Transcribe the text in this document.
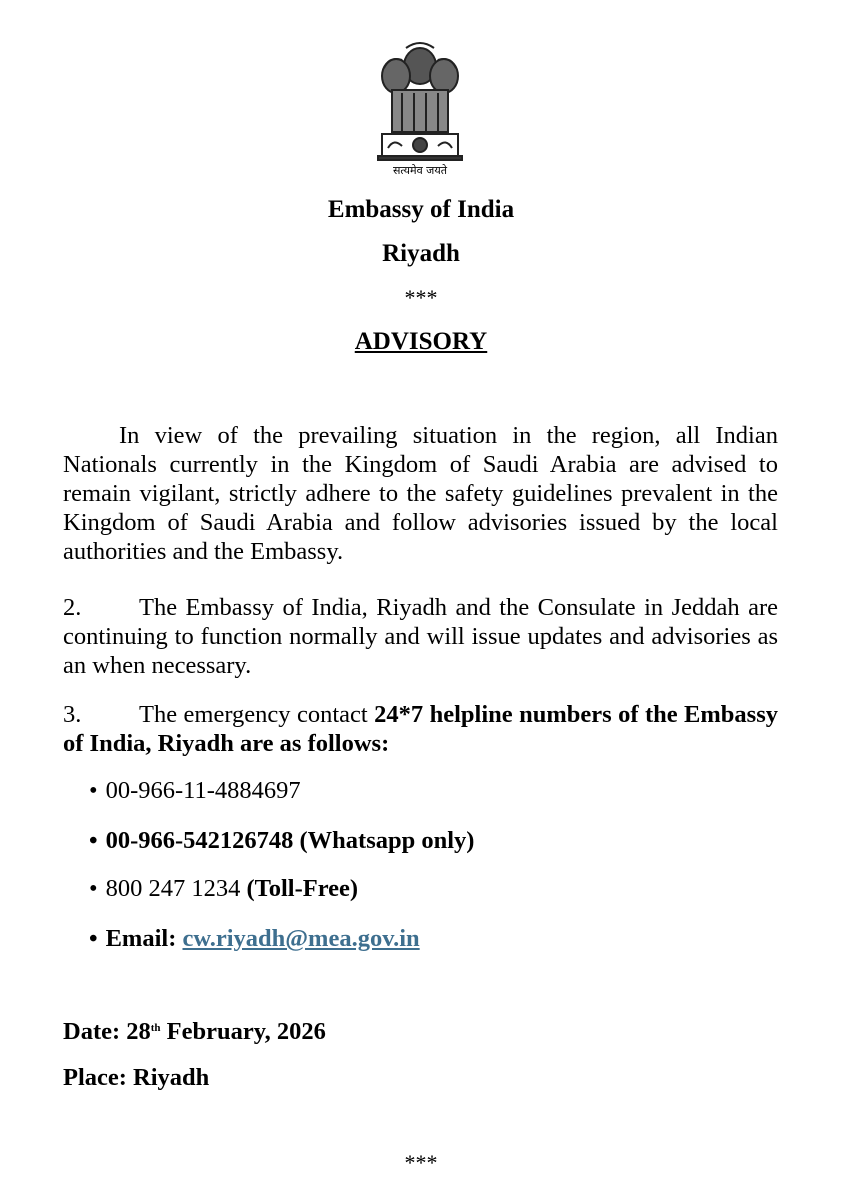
सत्यमेव जयते
Embassy of India
Riyadh
***
ADVISORY
In view of the prevailing situation in the region, all Indian Nationals currently in the Kingdom of Saudi Arabia are advised to remain vigilant, strictly adhere to the safety guidelines prevalent in the Kingdom of Saudi Arabia and follow advisories issued by the local authorities and the Embassy.
2. The Embassy of India, Riyadh and the Consulate in Jeddah are continuing to function normally and will issue updates and advisories as an when necessary.
3. The emergency contact 24*7 helpline numbers of the Embassy of India, Riyadh are as follows:
• 00-966-11-4884697
• 00-966-542126748 (Whatsapp only)
• 800 247 1234 (Toll-Free)
• Email: cw.riyadh@mea.gov.in
Date: 28th February, 2026
Place: Riyadh
***
